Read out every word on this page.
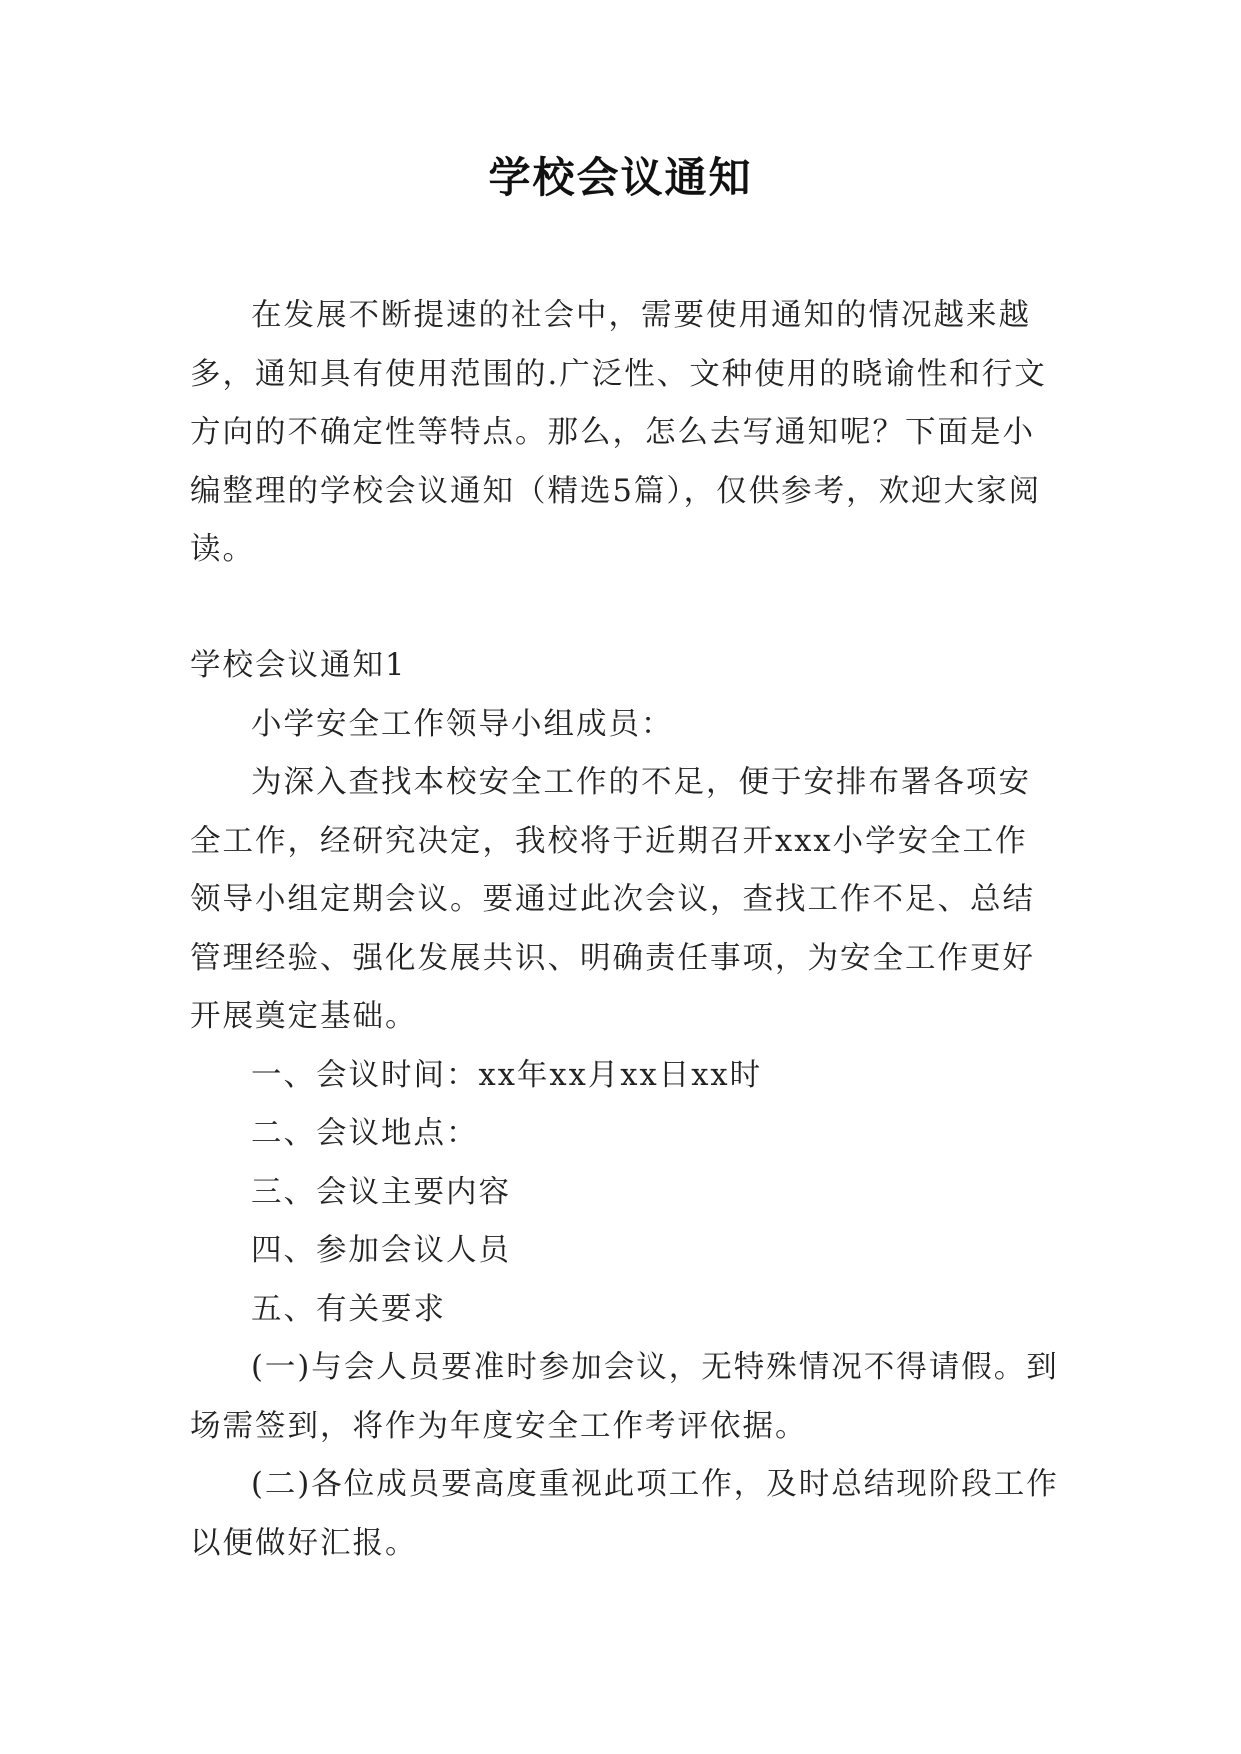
学校会议通知

在发展不断提速的社会中，需要使用通知的情况越来越多，通知具有使用范围的.广泛性、文种使用的晓谕性和行文方向的不确定性等特点。那么，怎么去写通知呢？下面是小编整理的学校会议通知（精选5篇），仅供参考，欢迎大家阅读。

学校会议通知1

小学安全工作领导小组成员：

为深入查找本校安全工作的不足，便于安排布署各项安全工作，经研究决定，我校将于近期召开xxx小学安全工作领导小组定期会议。要通过此次会议，查找工作不足、总结管理经验、强化发展共识、明确责任事项，为安全工作更好开展奠定基础。

一、会议时间：xx年xx月xx日xx时

二、会议地点：

三、会议主要内容

四、参加会议人员

五、有关要求

(一)与会人员要准时参加会议，无特殊情况不得请假。到场需签到，将作为年度安全工作考评依据。

(二)各位成员要高度重视此项工作，及时总结现阶段工作以便做好汇报。
